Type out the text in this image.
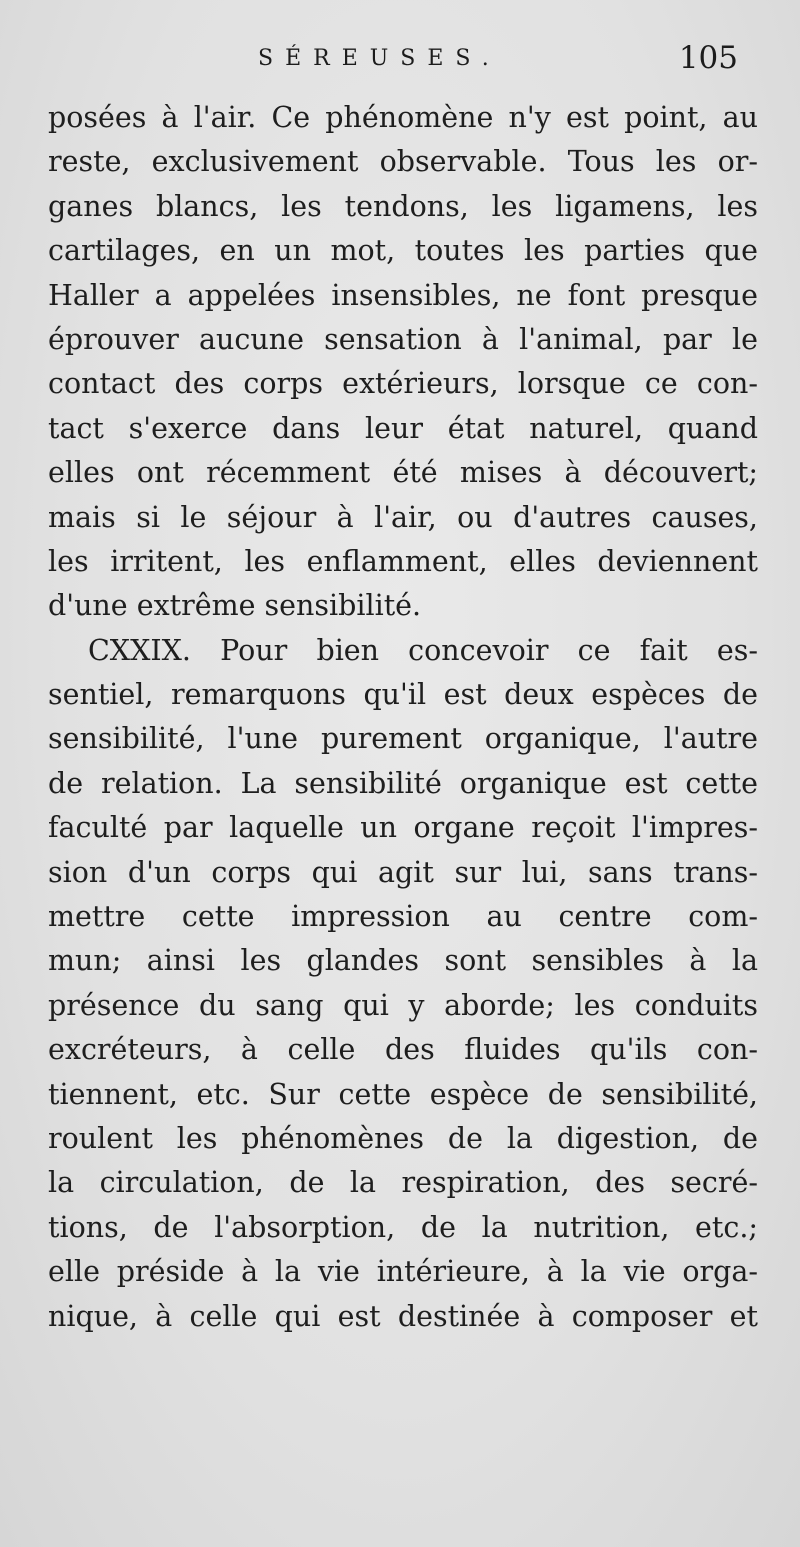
SÉREUSES.	105
posées à l'air. Ce phénomène n'y est point, au
reste, exclusivement observable. Tous les or-
ganes blancs, les tendons, les ligamens, les
cartilages, en un mot, toutes les parties que
Haller a appelées insensibles, ne font presque
éprouver aucune sensation à l'animal, par le
contact des corps extérieurs, lorsque ce con-
tact s'exerce dans leur état naturel, quand
elles ont récemment été mises à découvert;
mais si le séjour à l'air, ou d'autres causes,
les irritent, les enflamment, elles deviennent
d'une extrême sensibilité.
CXXIX. Pour bien concevoir ce fait es-
sentiel, remarquons qu'il est deux espèces de
sensibilité, l'une purement organique, l'autre
de relation. La sensibilité organique est cette
faculté par laquelle un organe reçoit l'impres-
sion d'un corps qui agit sur lui, sans trans-
mettre cette impression au centre com-
mun; ainsi les glandes sont sensibles à la
présence du sang qui y aborde; les conduits
excréteurs, à celle des fluides qu'ils con-
tiennent, etc. Sur cette espèce de sensibilité,
roulent les phénomènes de la digestion, de
la circulation, de la respiration, des secré-
tions, de l'absorption, de la nutrition, etc.;
elle préside à la vie intérieure, à la vie orga-
nique, à celle qui est destinée à composer et
